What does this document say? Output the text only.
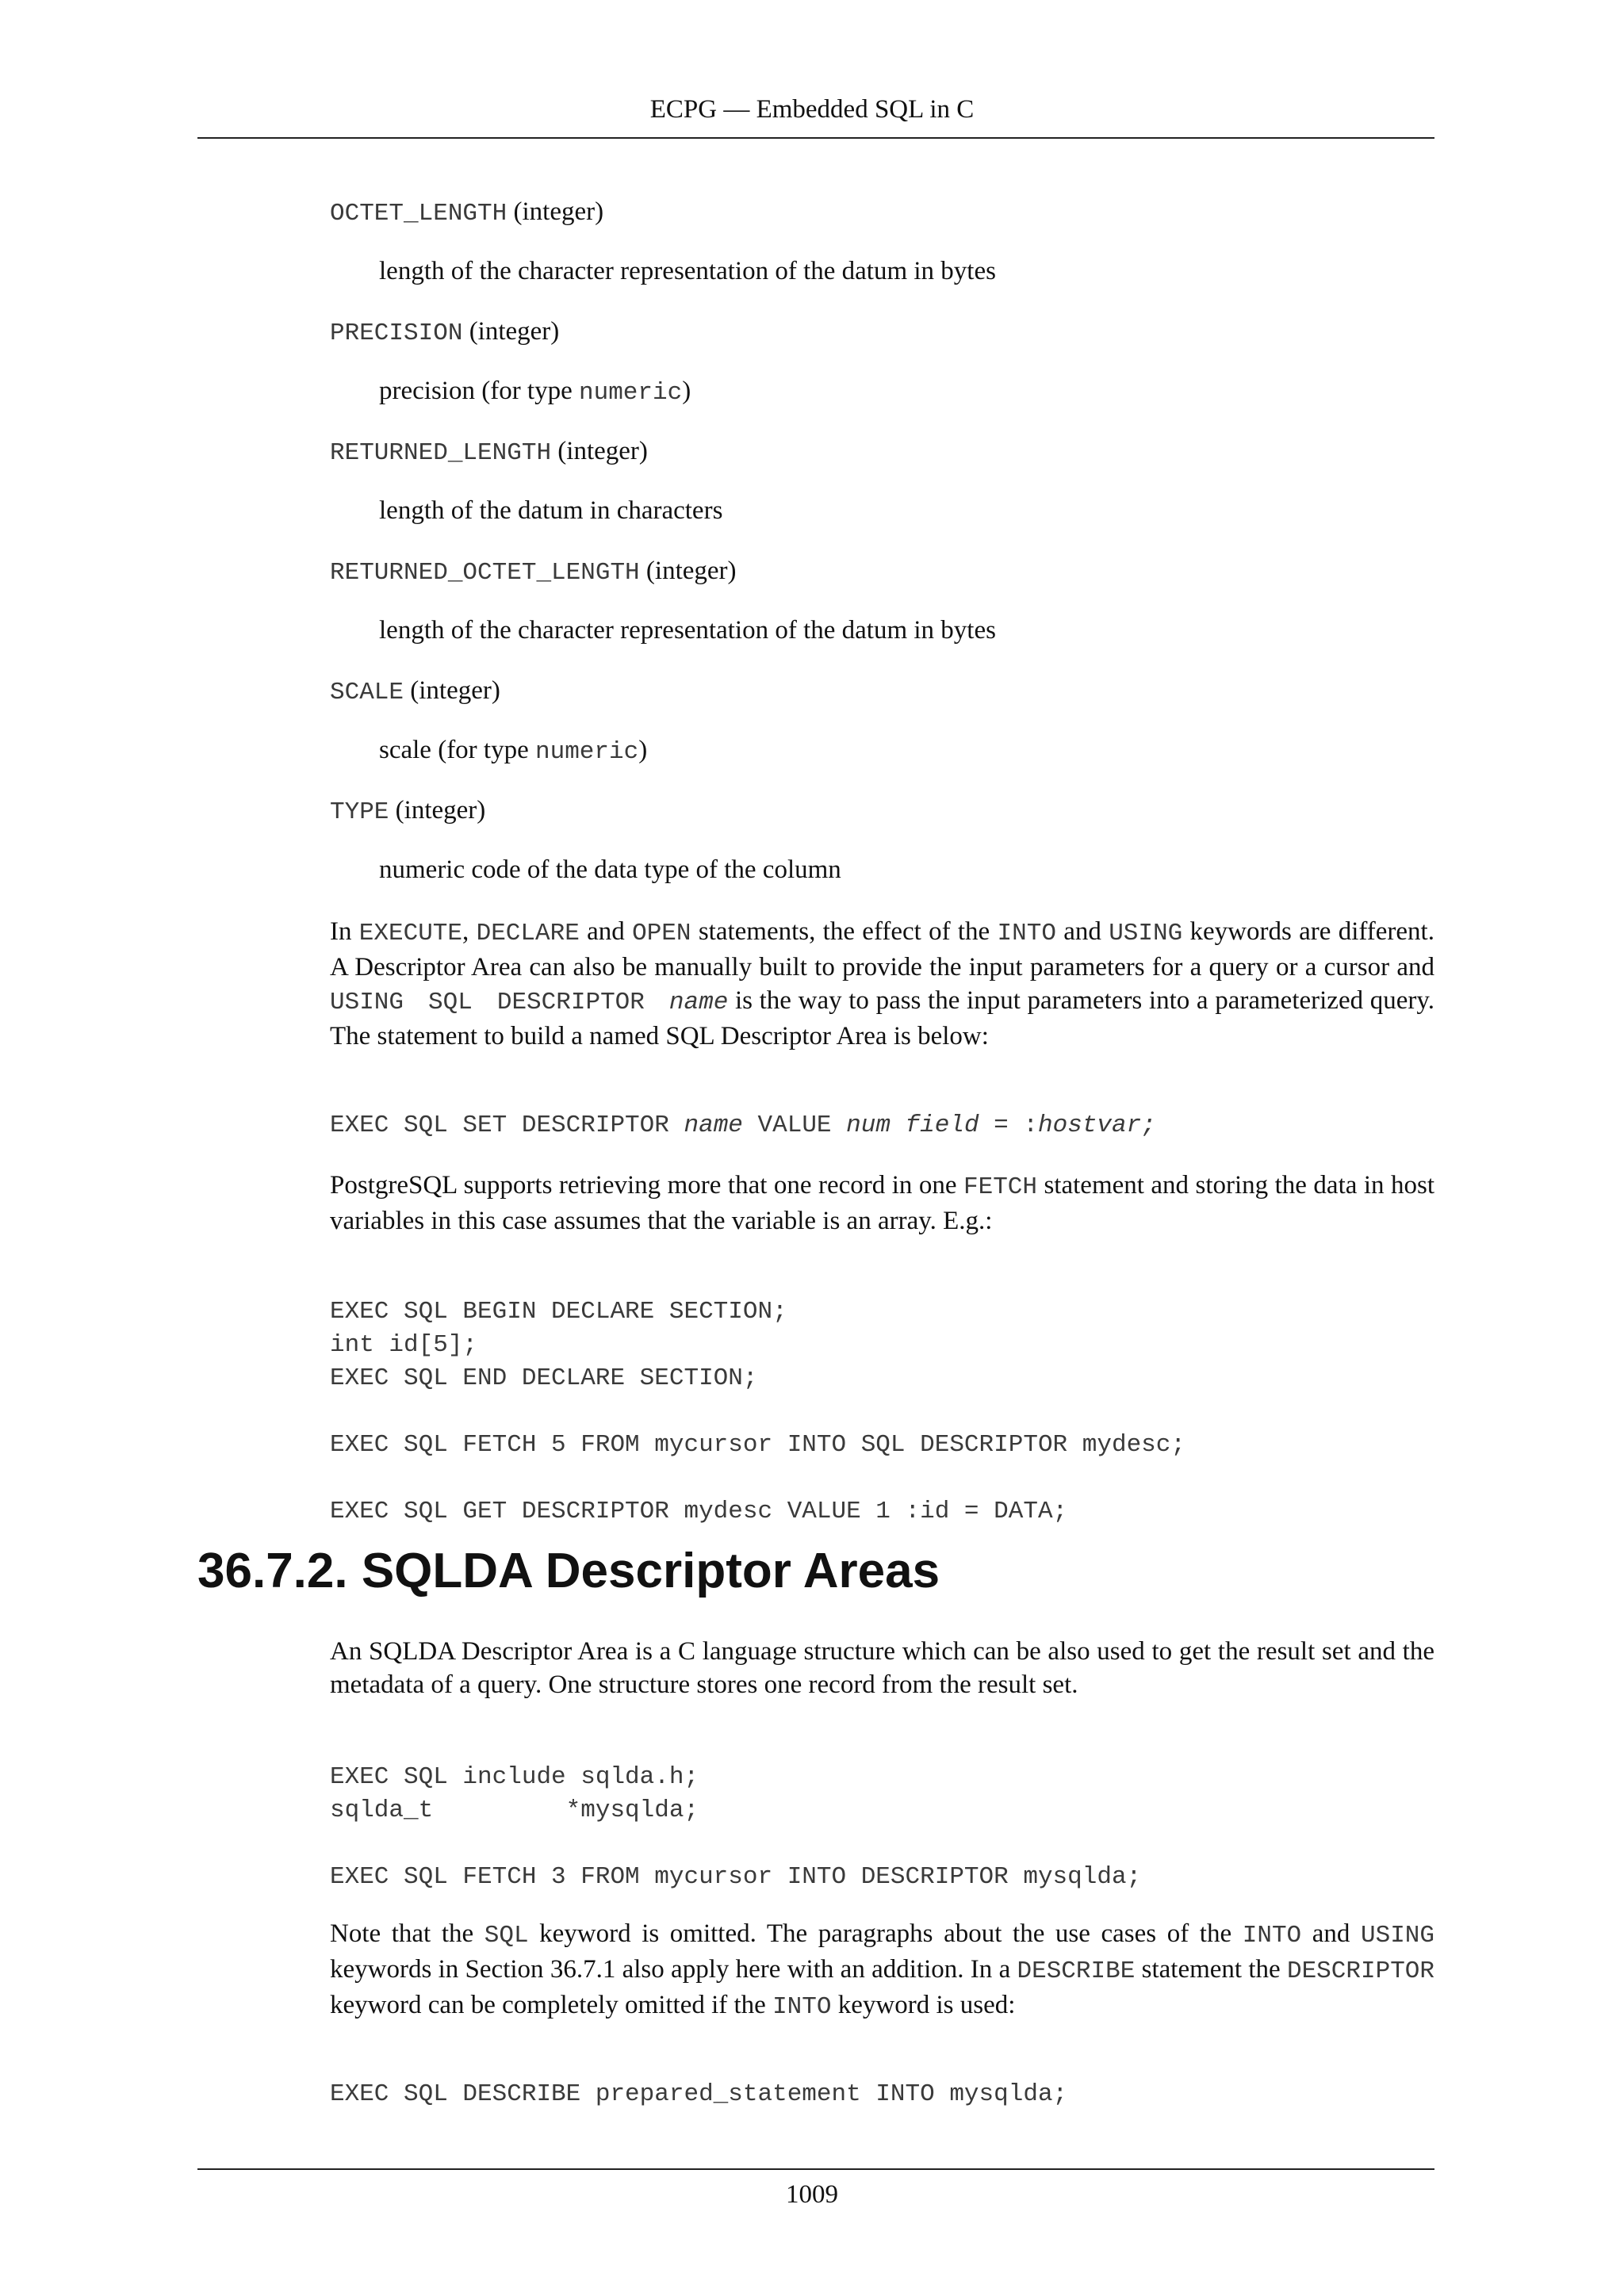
ECPG — Embedded SQL in C
OCTET_LENGTH (integer)
length of the character representation of the datum in bytes
PRECISION (integer)
precision (for type numeric)
RETURNED_LENGTH (integer)
length of the datum in characters
RETURNED_OCTET_LENGTH (integer)
length of the character representation of the datum in bytes
SCALE (integer)
scale (for type numeric)
TYPE (integer)
numeric code of the data type of the column
In EXECUTE, DECLARE and OPEN statements, the effect of the INTO and USING keywords are different. A Descriptor Area can also be manually built to provide the input parameters for a query or a cursor and USING SQL DESCRIPTOR name is the way to pass the input parameters into a parameterized query. The statement to build a named SQL Descriptor Area is below:
EXEC SQL SET DESCRIPTOR name VALUE num field = :hostvar;
PostgreSQL supports retrieving more that one record in one FETCH statement and storing the data in host variables in this case assumes that the variable is an array. E.g.:
EXEC SQL BEGIN DECLARE SECTION;
int id[5];
EXEC SQL END DECLARE SECTION;

EXEC SQL FETCH 5 FROM mycursor INTO SQL DESCRIPTOR mydesc;

EXEC SQL GET DESCRIPTOR mydesc VALUE 1 :id = DATA;
36.7.2. SQLDA Descriptor Areas
An SQLDA Descriptor Area is a C language structure which can be also used to get the result set and the metadata of a query. One structure stores one record from the result set.
EXEC SQL include sqlda.h;
sqlda_t         *mysqlda;

EXEC SQL FETCH 3 FROM mycursor INTO DESCRIPTOR mysqlda;
Note that the SQL keyword is omitted. The paragraphs about the use cases of the INTO and USING keywords in Section 36.7.1 also apply here with an addition. In a DESCRIBE statement the DESCRIPTOR keyword can be completely omitted if the INTO keyword is used:
EXEC SQL DESCRIBE prepared_statement INTO mysqlda;
1009
